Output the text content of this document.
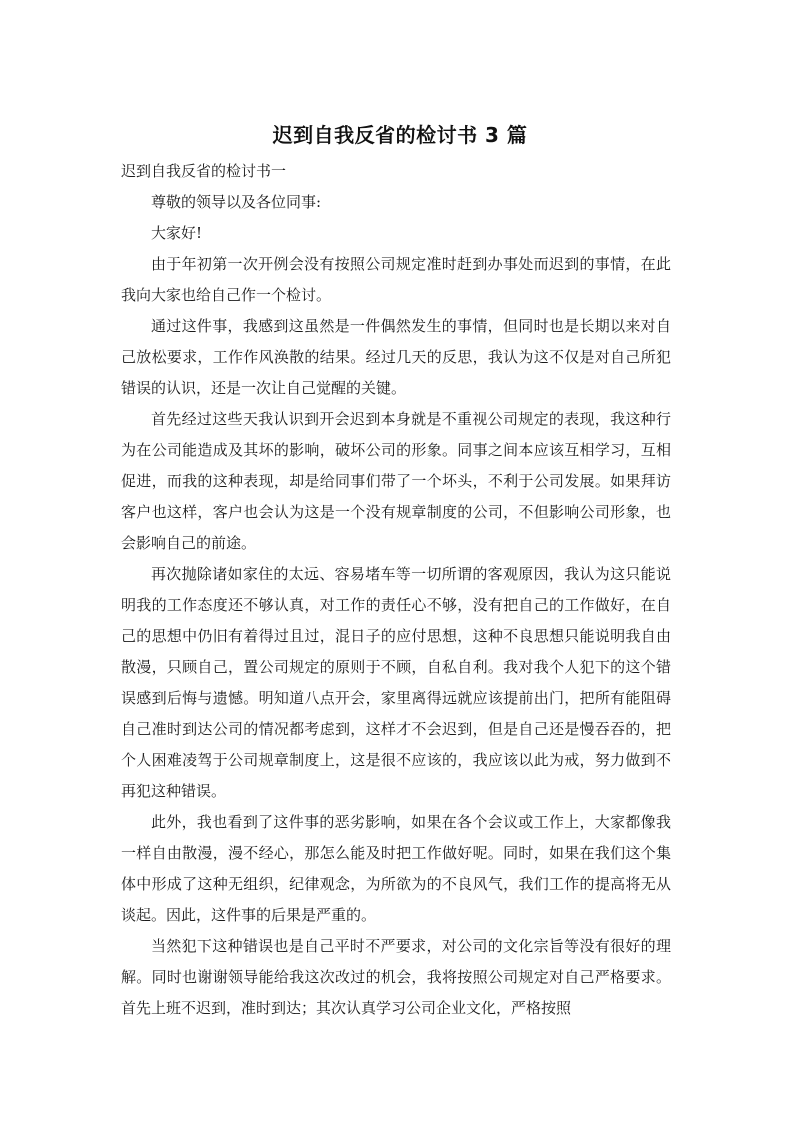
迟到自我反省的检讨书 3 篇

迟到自我反省的检讨书一

尊敬的领导以及各位同事:

大家好!

由于年初第一次开例会没有按照公司规定准时赶到办事处而迟到的事情，在此我向大家也给自己作一个检讨。

通过这件事，我感到这虽然是一件偶然发生的事情，但同时也是长期以来对自己放松要求，工作作风涣散的结果。经过几天的反思，我认为这不仅是对自己所犯错误的认识，还是一次让自己觉醒的关键。

首先经过这些天我认识到开会迟到本身就是不重视公司规定的表现，我这种行为在公司能造成及其坏的影响，破坏公司的形象。同事之间本应该互相学习，互相促进，而我的这种表现，却是给同事们带了一个坏头，不利于公司发展。如果拜访客户也这样，客户也会认为这是一个没有规章制度的公司，不但影响公司形象，也会影响自己的前途。

再次抛除诸如家住的太远、容易堵车等一切所谓的客观原因，我认为这只能说明我的工作态度还不够认真，对工作的责任心不够，没有把自己的工作做好，在自己的思想中仍旧有着得过且过，混日子的应付思想，这种不良思想只能说明我自由散漫，只顾自己，置公司规定的原则于不顾，自私自利。我对我个人犯下的这个错误感到后悔与遗憾。明知道八点开会，家里离得远就应该提前出门，把所有能阻碍自己准时到达公司的情况都考虑到，这样才不会迟到，但是自己还是慢吞吞的，把个人困难凌驾于公司规章制度上，这是很不应该的，我应该以此为戒，努力做到不再犯这种错误。

此外，我也看到了这件事的恶劣影响，如果在各个会议或工作上，大家都像我一样自由散漫，漫不经心，那怎么能及时把工作做好呢。同时，如果在我们这个集体中形成了这种无组织，纪律观念，为所欲为的不良风气，我们工作的提高将无从谈起。因此，这件事的后果是严重的。

当然犯下这种错误也是自己平时不严要求，对公司的文化宗旨等没有很好的理解。同时也谢谢领导能给我这次改过的机会，我将按照公司规定对自己严格要求。首先上班不迟到，准时到达；其次认真学习公司企业文化，严格按照
